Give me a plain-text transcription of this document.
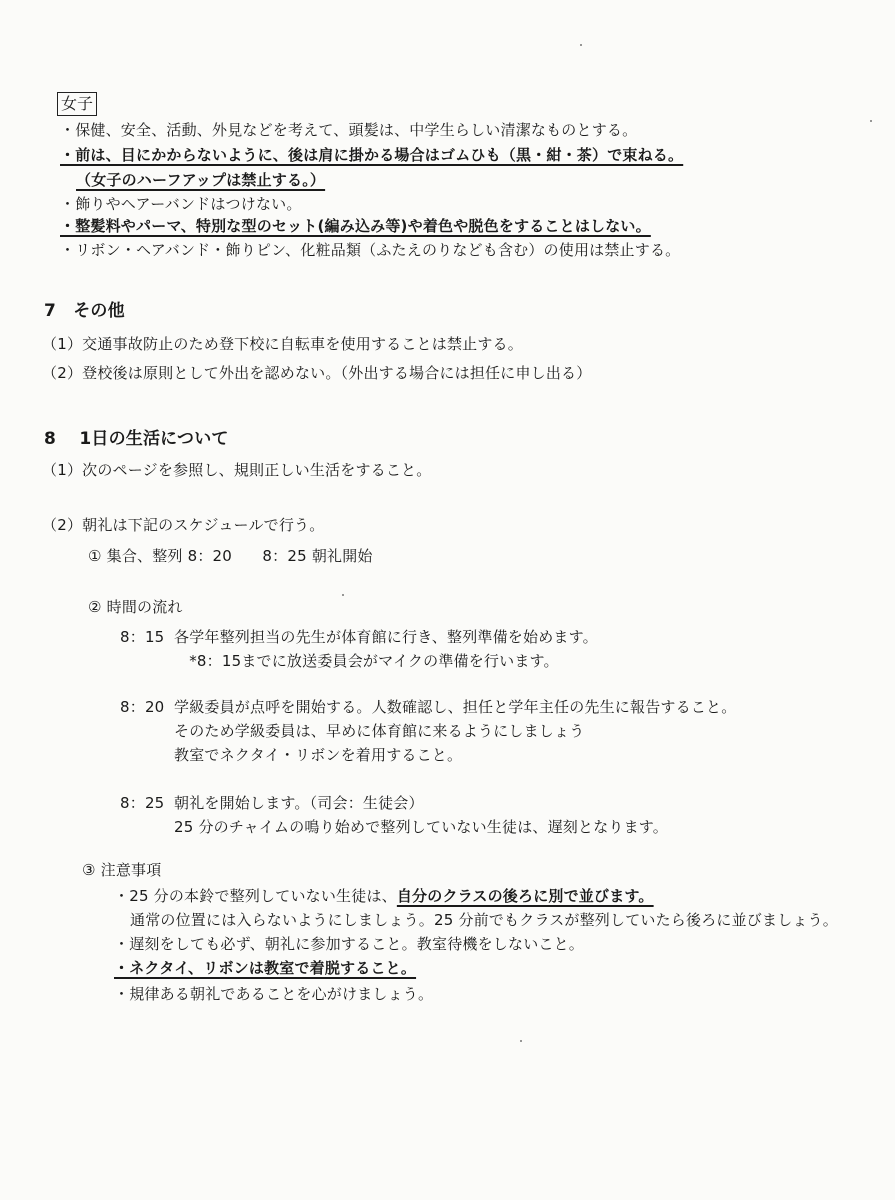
女子
・保健、安全、活動、外見などを考えて、頭髪は、中学生らしい清潔なものとする。
・前は、目にかからないように、後は肩に掛かる場合はゴムひも（黒・紺・茶）で束ねる。
（女子のハーフアップは禁止する。）
・飾りやヘアーバンドはつけない。
・整髪料やパーマ、特別な型のセット(編み込み等)や着色や脱色をすることはしない。
・リボン・ヘアバンド・飾りピン、化粧品類（ふたえのりなども含む）の使用は禁止する。
7　その他
（1）交通事故防止のため登下校に自転車を使用することは禁止する。
（2）登校後は原則として外出を認めない。（外出する場合には担任に申し出る）
8　 1日の生活について
（1）次のページを参照し、規則正しい生活をすること。
（2）朝礼は下記のスケジュールで行う。
① 集合、整列 8：20　　8：25 朝礼開始
② 時間の流れ
8：15 各学年整列担当の先生が体育館に行き、整列準備を始めます。
　*8：15までに放送委員会がマイクの準備を行います。
8：20 学級委員が点呼を開始する。人数確認し、担任と学年主任の先生に報告すること。
そのため学級委員は、早めに体育館に来るようにしましょう
教室でネクタイ・リボンを着用すること。
8：25 朝礼を開始します。（司会：生徒会）
25 分のチャイムの鳴り始めで整列していない生徒は、遅刻となります。
③ 注意事項
・25 分の本鈴で整列していない生徒は、自分のクラスの後ろに別で並びます。
通常の位置には入らないようにしましょう。25 分前でもクラスが整列していたら後ろに並びましょう。
・遅刻をしても必ず、朝礼に参加すること。教室待機をしないこと。
・ネクタイ、リボンは教室で着脱すること。
・規律ある朝礼であることを心がけましょう。
